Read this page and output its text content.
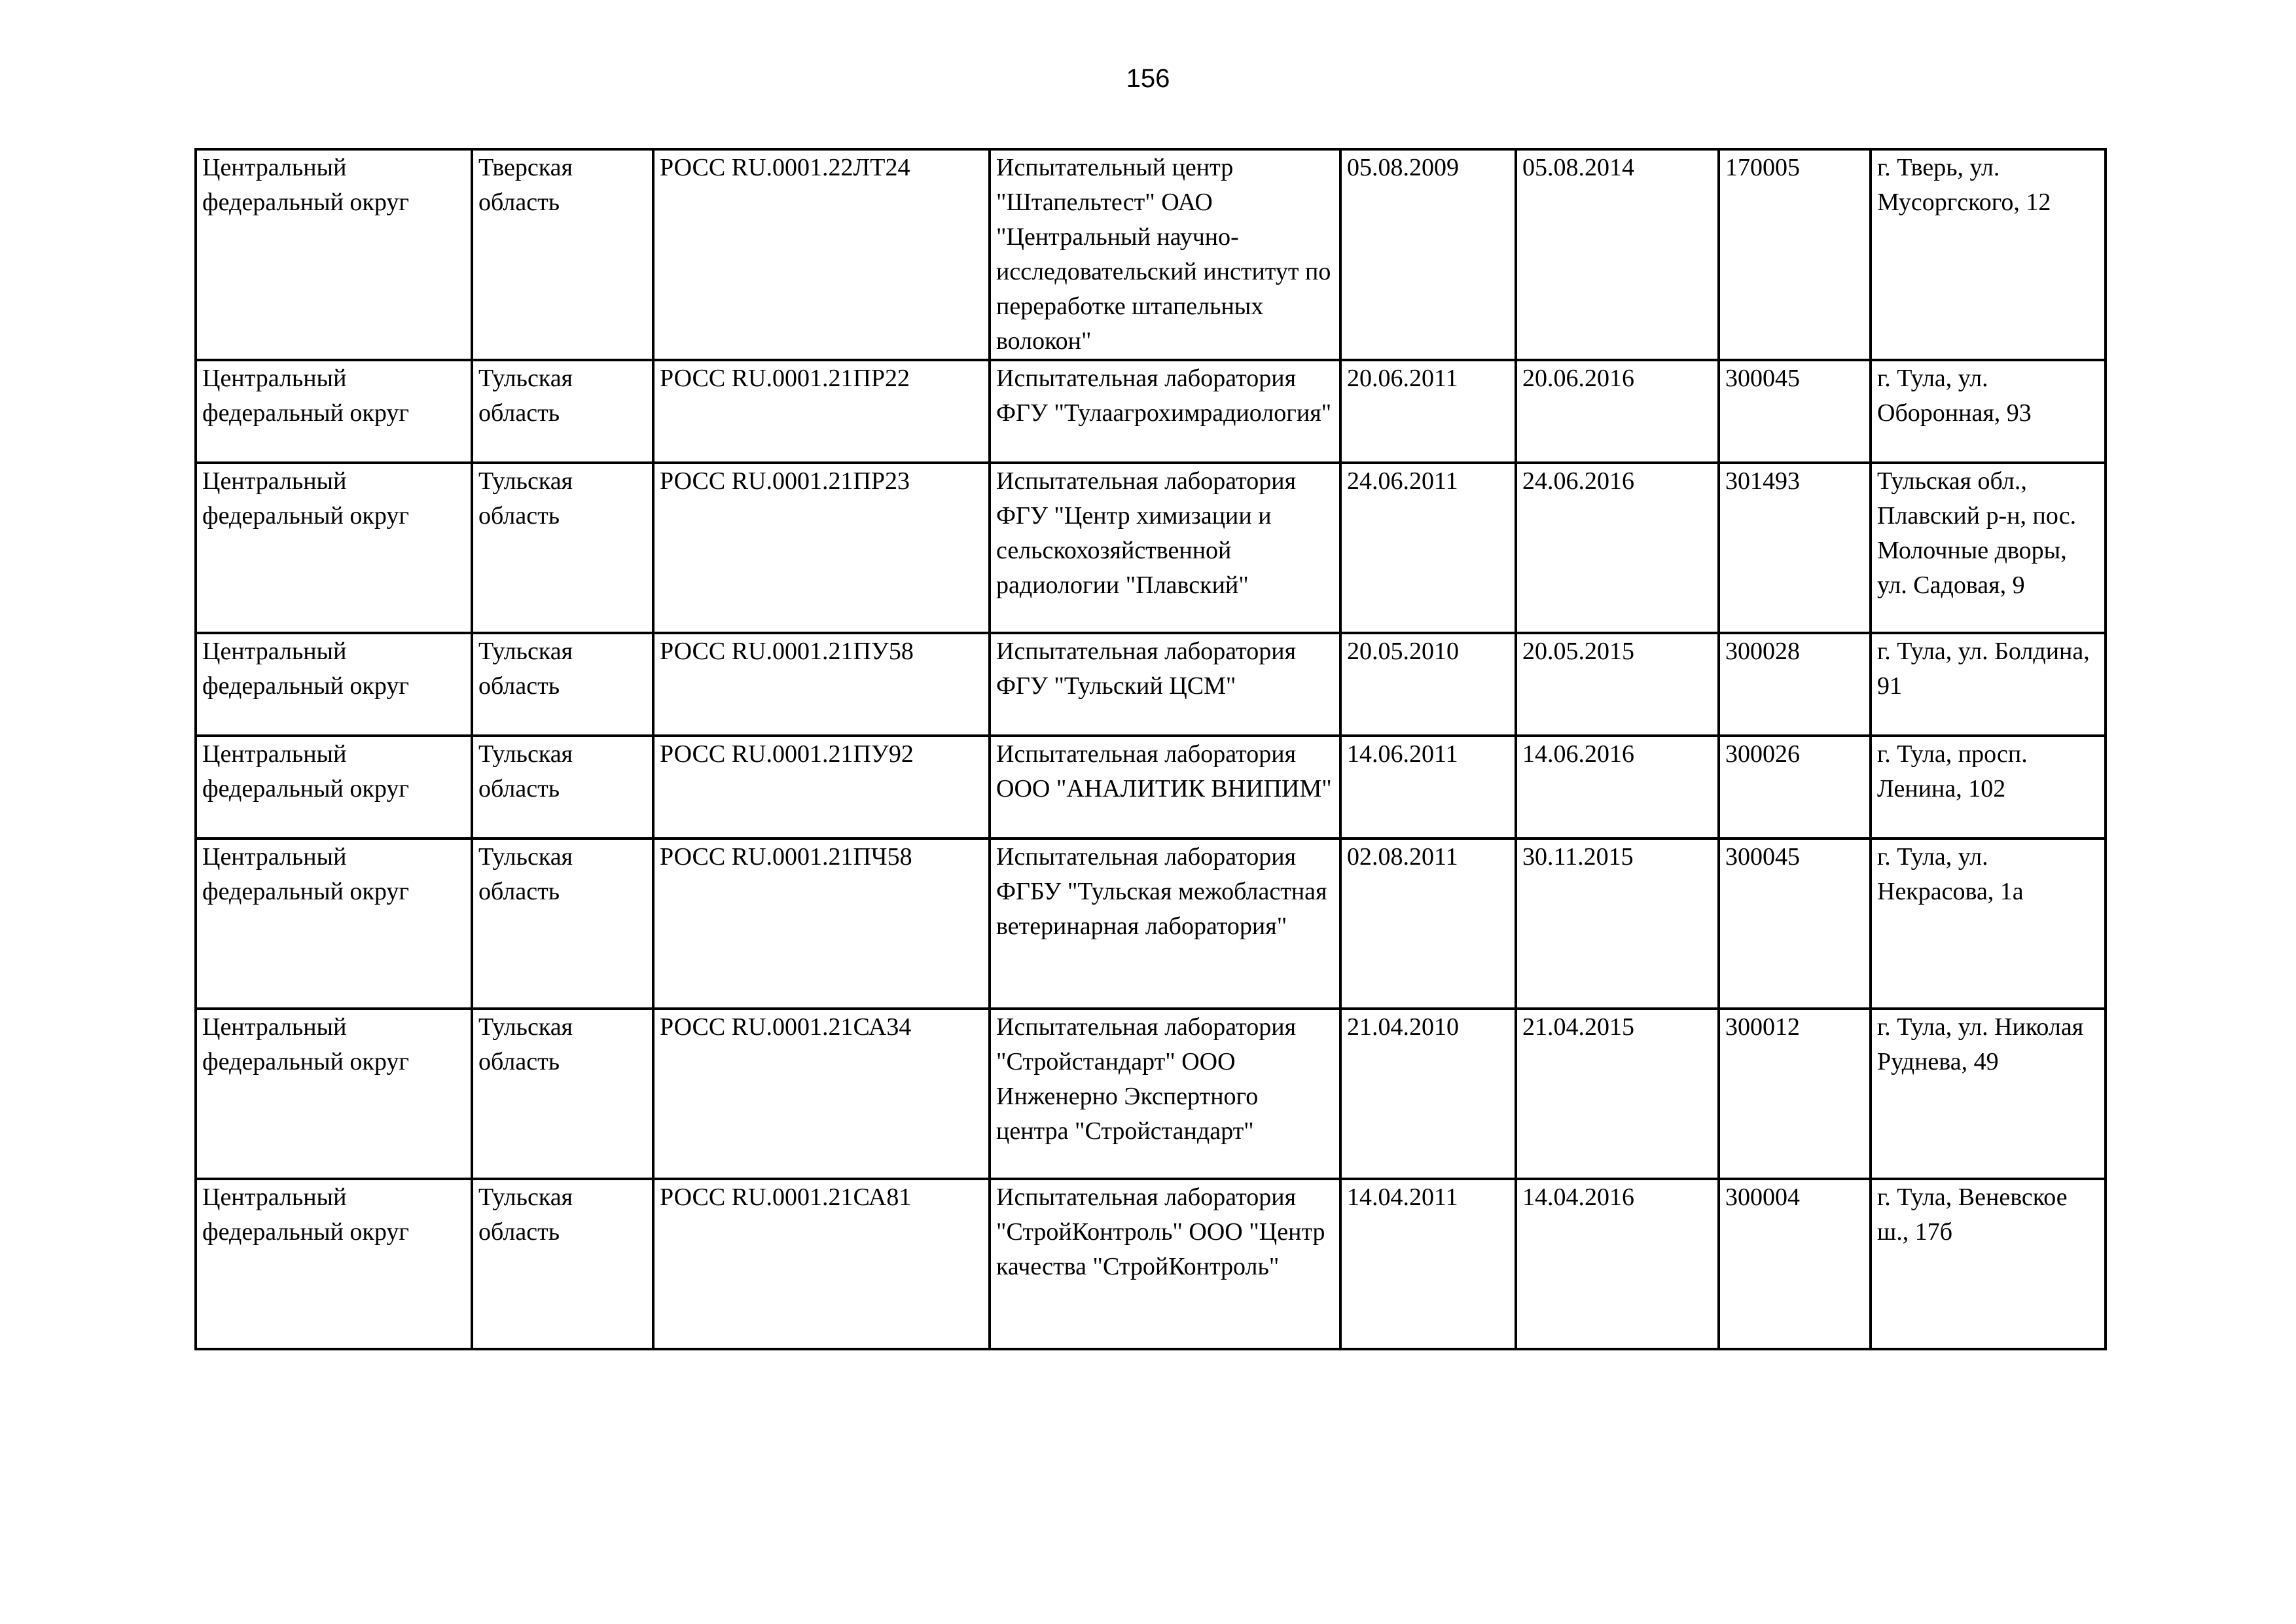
156
Центральный федеральный округ	Тверская область	РОСС RU.0001.22ЛТ24	Испытательный центр "Штапельтест" ОАО "Центральный научно-исследовательский институт по переработке штапельных волокон"	05.08.2009	05.08.2014	170005	г. Тверь, ул. Мусоргского, 12
Центральный федеральный округ	Тульская область	РОСС RU.0001.21ПР22	Испытательная лаборатория ФГУ "Тулаагрохимрадиология"	20.06.2011	20.06.2016	300045	г. Тула, ул. Оборонная, 93
Центральный федеральный округ	Тульская область	РОСС RU.0001.21ПР23	Испытательная лаборатория ФГУ "Центр химизации и сельскохозяйственной радиологии "Плавский"	24.06.2011	24.06.2016	301493	Тульская обл., Плавский р-н, пос. Молочные дворы, ул. Садовая, 9
Центральный федеральный округ	Тульская область	РОСС RU.0001.21ПУ58	Испытательная лаборатория ФГУ "Тульский ЦСМ"	20.05.2010	20.05.2015	300028	г. Тула, ул. Болдина, 91
Центральный федеральный округ	Тульская область	РОСС RU.0001.21ПУ92	Испытательная лаборатория ООО "АНАЛИТИК ВНИПИМ"	14.06.2011	14.06.2016	300026	г. Тула, просп. Ленина, 102
Центральный федеральный округ	Тульская область	РОСС RU.0001.21ПЧ58	Испытательная лаборатория ФГБУ "Тульская межобластная ветеринарная лаборатория"	02.08.2011	30.11.2015	300045	г. Тула, ул. Некрасова, 1а
Центральный федеральный округ	Тульская область	РОСС RU.0001.21СА34	Испытательная лаборатория "Стройстандарт" ООО Инженерно Экспертного центра "Стройстандарт"	21.04.2010	21.04.2015	300012	г. Тула, ул. Николая Руднева, 49
Центральный федеральный округ	Тульская область	РОСС RU.0001.21СА81	Испытательная лаборатория "СтройКонтроль" ООО "Центр качества "СтройКонтроль"	14.04.2011	14.04.2016	300004	г. Тула, Веневское ш., 17б
